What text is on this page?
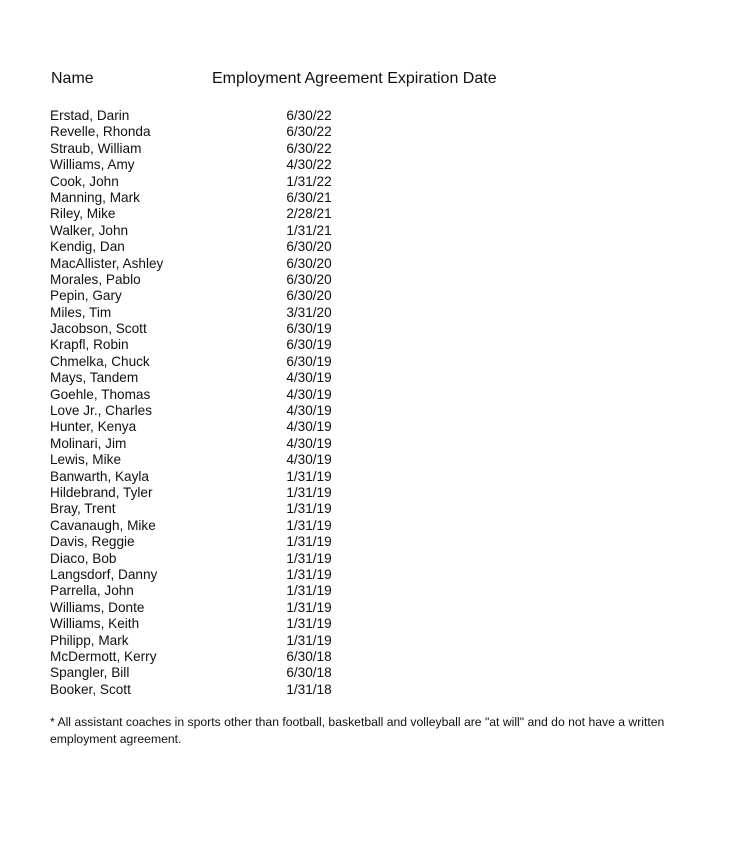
Name	Employment Agreement Expiration Date
Erstad, Darin	6/30/22
Revelle, Rhonda	6/30/22
Straub, William	6/30/22
Williams, Amy	4/30/22
Cook, John	1/31/22
Manning, Mark	6/30/21
Riley, Mike	2/28/21
Walker, John	1/31/21
Kendig, Dan	6/30/20
MacAllister, Ashley	6/30/20
Morales, Pablo	6/30/20
Pepin, Gary	6/30/20
Miles, Tim	3/31/20
Jacobson, Scott	6/30/19
Krapfl, Robin	6/30/19
Chmelka, Chuck	6/30/19
Mays, Tandem	4/30/19
Goehle, Thomas	4/30/19
Love Jr., Charles	4/30/19
Hunter, Kenya	4/30/19
Molinari, Jim	4/30/19
Lewis, Mike	4/30/19
Banwarth, Kayla	1/31/19
Hildebrand, Tyler	1/31/19
Bray, Trent	1/31/19
Cavanaugh, Mike	1/31/19
Davis, Reggie	1/31/19
Diaco, Bob	1/31/19
Langsdorf, Danny	1/31/19
Parrella, John	1/31/19
Williams, Donte	1/31/19
Williams, Keith	1/31/19
Philipp, Mark	1/31/19
McDermott, Kerry	6/30/18
Spangler, Bill	6/30/18
Booker, Scott	1/31/18
* All assistant coaches in sports other than football, basketball and volleyball are "at will" and do not have a written employment agreement.
